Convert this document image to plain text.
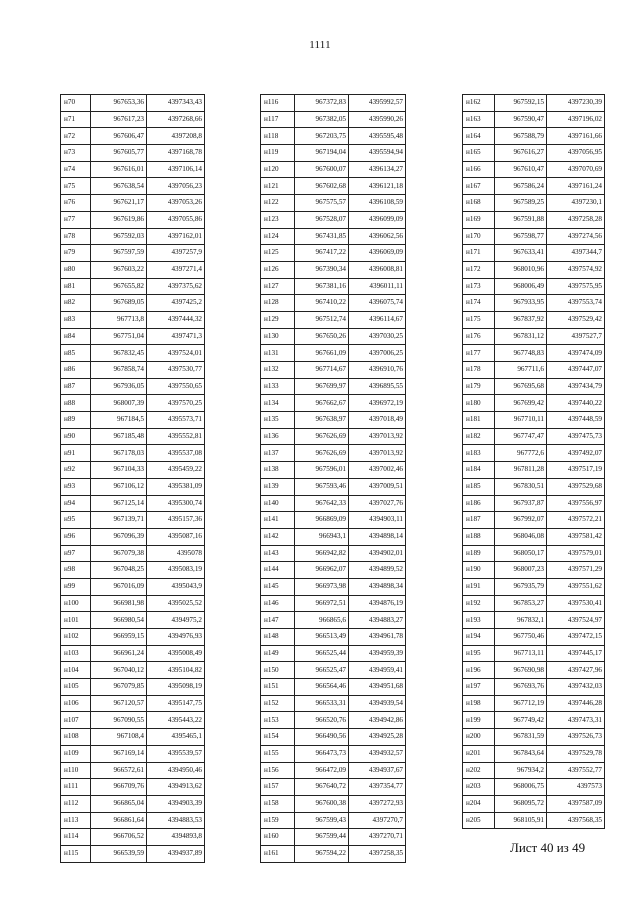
1111
н70	967653,36	4397343,43
н71	967617,23	4397268,66
н72	967606,47	4397208,8
н73	967605,77	4397168,78
н74	967616,01	4397106,14
н75	967638,54	4397056,23
н76	967621,17	4397053,26
н77	967619,86	4397055,86
н78	967592,03	4397162,01
н79	967597,59	4397257,9
н80	967603,22	4397271,4
н81	967655,82	4397375,62
н82	967689,05	4397425,2
н83	967713,8	4397444,32
н84	967751,04	4397471,3
н85	967832,45	4397524,01
н86	967858,74	4397530,77
н87	967936,05	4397550,65
н88	968007,39	4397570,25
н89	967184,5	4395573,71
н90	967185,48	4395552,81
н91	967178,03	4395537,08
н92	967104,33	4395459,22
н93	967106,12	4395381,09
н94	967125,14	4395300,74
н95	967139,71	4395157,36
н96	967096,39	4395087,16
н97	967079,38	4395078
н98	967048,25	4395083,19
н99	967016,09	4395043,9
н100	966981,98	4395025,52
н101	966980,54	4394975,2
н102	966959,15	4394976,93
н103	966961,24	4395008,49
н104	967040,12	4395104,82
н105	967079,85	4395098,19
н106	967120,57	4395147,75
н107	967090,55	4395443,22
н108	967108,4	4395465,1
н109	967169,14	4395539,57
н110	966572,61	4394950,46
н111	966709,76	4394913,62
н112	966865,04	4394903,39
н113	966861,64	4394883,53
н114	966706,52	4394893,8
н115	966539,59	4394937,89
н116	967372,83	4395992,57
н117	967382,05	4395990,26
н118	967203,75	4395595,48
н119	967194,04	4395594,94
н120	967600,07	4396134,27
н121	967602,68	4396121,18
н122	967575,57	4396108,59
н123	967528,07	4396099,09
н124	967431,85	4396062,56
н125	967417,22	4396069,09
н126	967390,34	4396008,81
н127	967381,16	4396011,11
н128	967410,22	4396075,74
н129	967512,74	4396114,67
н130	967650,26	4397030,25
н131	967661,09	4397006,25
н132	967714,67	4396910,76
н133	967699,97	4396895,55
н134	967662,67	4396972,19
н135	967638,97	4397018,49
н136	967626,69	4397013,92
н137	967626,69	4397013,92
н138	967596,01	4397002,46
н139	967593,46	4397009,51
н140	967642,33	4397027,76
н141	966869,09	4394903,11
н142	966943,1	4394898,14
н143	966942,82	4394902,01
н144	966962,07	4394899,52
н145	966973,98	4394898,34
н146	966972,51	4394876,19
н147	966865,6	4394883,27
н148	966513,49	4394961,78
н149	966525,44	4394959,39
н150	966525,47	4394959,41
н151	966564,46	4394951,68
н152	966533,31	4394939,54
н153	966520,76	4394942,86
н154	966490,56	4394925,28
н155	966473,73	4394932,57
н156	966472,09	4394937,67
н157	967640,72	4397354,77
н158	967600,38	4397272,93
н159	967599,43	4397270,7
н160	967599,44	4397270,71
н161	967594,22	4397258,35
н162	967592,15	4397230,39
н163	967590,47	4397196,02
н164	967588,79	4397161,66
н165	967616,27	4397056,95
н166	967610,47	4397070,69
н167	967586,24	4397161,24
н168	967589,25	4397230,1
н169	967591,88	4397258,28
н170	967598,77	4397274,56
н171	967633,41	4397344,7
н172	968010,96	4397574,92
н173	968006,49	4397575,95
н174	967933,95	4397553,74
н175	967837,92	4397529,42
н176	967831,12	4397527,7
н177	967748,83	4397474,09
н178	967711,6	4397447,07
н179	967695,68	4397434,79
н180	967699,42	4397440,22
н181	967710,11	4397448,59
н182	967747,47	4397475,73
н183	967772,6	4397492,07
н184	967811,28	4397517,19
н185	967830,51	4397529,68
н186	967937,87	4397556,97
н187	967992,07	4397572,21
н188	968046,08	4397581,42
н189	968050,17	4397579,01
н190	968007,23	4397571,29
н191	967935,79	4397551,62
н192	967853,27	4397530,41
н193	967832,1	4397524,97
н194	967750,46	4397472,15
н195	967713,11	4397445,17
н196	967690,98	4397427,96
н197	967693,76	4397432,03
н198	967712,19	4397446,28
н199	967749,42	4397473,31
н200	967831,59	4397526,73
н201	967843,64	4397529,78
н202	967934,2	4397552,77
н203	968006,75	4397573
н204	968095,72	4397587,09
н205	968105,91	4397568,35
Лист 40 из 49
